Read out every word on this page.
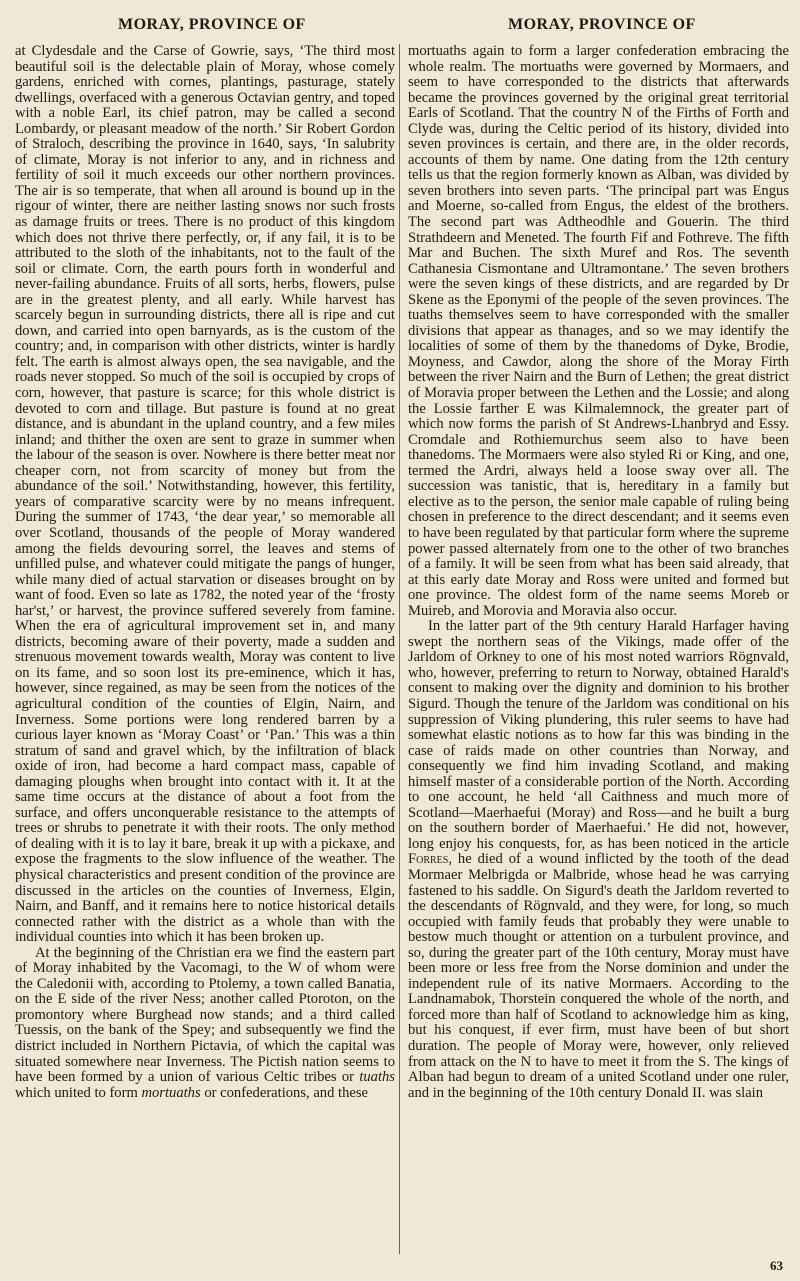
MORAY, PROVINCE OF	MORAY, PROVINCE OF

at Clydesdale and the Carse of Gowrie, says, ‘The third most beautiful soil is the delectable plain of Moray, whose comely gardens, enriched with cornes, plantings, pasturage, stately dwellings, overfaced with a generous Octavian gentry, and toped with a noble Earl, its chief patron, may be called a second Lombardy, or pleasant meadow of the north.’ Sir Robert Gordon of Straloch, describing the province in 1640, says, ‘In salubrity of climate, Moray is not inferior to any, and in richness and fertility of soil it much exceeds our other northern provinces. The air is so temperate, that when all around is bound up in the rigour of winter, there are neither lasting snows nor such frosts as damage fruits or trees. There is no product of this kingdom which does not thrive there perfectly, or, if any fail, it is to be attributed to the sloth of the inhabitants, not to the fault of the soil or climate. Corn, the earth pours forth in wonderful and never-failing abundance. Fruits of all sorts, herbs, flowers, pulse are in the greatest plenty, and all early. While harvest has scarcely begun in surrounding districts, there all is ripe and cut down, and carried into open barnyards, as is the custom of the country; and, in comparison with other districts, winter is hardly felt. The earth is almost always open, the sea navigable, and the roads never stopped. So much of the soil is occupied by crops of corn, however, that pasture is scarce; for this whole district is devoted to corn and tillage. But pasture is found at no great distance, and is abundant in the upland country, and a few miles inland; and thither the oxen are sent to graze in summer when the labour of the season is over. Nowhere is there better meat nor cheaper corn, not from scarcity of money but from the abundance of the soil.’ Notwithstanding, however, this fertility, years of comparative scarcity were by no means infrequent. During the summer of 1743, ‘the dear year,’ so memorable all over Scotland, thousands of the people of Moray wandered among the fields devouring sorrel, the leaves and stems of unfilled pulse, and whatever could mitigate the pangs of hunger, while many died of actual starvation or diseases brought on by want of food. Even so late as 1782, the noted year of the ‘frosty har'st,’ or harvest, the province suffered severely from famine. When the era of agricultural improvement set in, and many districts, becoming aware of their poverty, made a sudden and strenuous movement towards wealth, Moray was content to live on its fame, and so soon lost its pre-eminence, which it has, however, since regained, as may be seen from the notices of the agricultural condition of the counties of Elgin, Nairn, and Inverness. Some portions were long rendered barren by a curious layer known as ‘Moray Coast’ or ‘Pan.’ This was a thin stratum of sand and gravel which, by the infiltration of black oxide of iron, had become a hard compact mass, capable of damaging ploughs when brought into contact with it. It at the same time occurs at the distance of about a foot from the surface, and offers unconquerable resistance to the attempts of trees or shrubs to penetrate it with their roots. The only method of dealing with it is to lay it bare, break it up with a pickaxe, and expose the fragments to the slow influence of the weather. The physical characteristics and present condition of the province are discussed in the articles on the counties of Inverness, Elgin, Nairn, and Banff, and it remains here to notice historical details connected rather with the district as a whole than with the individual counties into which it has been broken up.

At the beginning of the Christian era we find the eastern part of Moray inhabited by the Vacomagi, to the W of whom were the Caledonii with, according to Ptolemy, a town called Banatia, on the E side of the river Ness; another called Ptoroton, on the promontory where Burghead now stands; and a third called Tuessis, on the bank of the Spey; and subsequently we find the district included in Northern Pictavia, of which the capital was situated somewhere near Inverness. The Pictish nation seems to have been formed by a union of various Celtic tribes or tuaths which united to form mortuaths or confederations, and these

mortuaths again to form a larger confederation embracing the whole realm. The mortuaths were governed by Mormaers, and seem to have corresponded to the districts that afterwards became the provinces governed by the original great territorial Earls of Scotland. That the country N of the Firths of Forth and Clyde was, during the Celtic period of its history, divided into seven provinces is certain, and there are, in the older records, accounts of them by name. One dating from the 12th century tells us that the region formerly known as Alban, was divided by seven brothers into seven parts. ‘The principal part was Engus and Moerne, so-called from Engus, the eldest of the brothers. The second part was Adtheodhle and Gouerin. The third Strathdeern and Meneted. The fourth Fif and Fothreve. The fifth Mar and Buchen. The sixth Muref and Ros. The seventh Cathanesia Cismontane and Ultramontane.’ The seven brothers were the seven kings of these districts, and are regarded by Dr Skene as the Eponymi of the people of the seven provinces. The tuaths themselves seem to have corresponded with the smaller divisions that appear as thanages, and so we may identify the localities of some of them by the thanedoms of Dyke, Brodie, Moyness, and Cawdor, along the shore of the Moray Firth between the river Nairn and the Burn of Lethen; the great district of Moravia proper between the Lethen and the Lossie; and along the Lossie farther E was Kilmalemnock, the greater part of which now forms the parish of St Andrews-Lhanbryd and Essy. Cromdale and Rothiemurchus seem also to have been thanedoms. The Mormaers were also styled Ri or King, and one, termed the Ardri, always held a loose sway over all. The succession was tanistic, that is, hereditary in a family but elective as to the person, the senior male capable of ruling being chosen in preference to the direct descendant; and it seems even to have been regulated by that particular form where the supreme power passed alternately from one to the other of two branches of a family. It will be seen from what has been said already, that at this early date Moray and Ross were united and formed but one province. The oldest form of the name seems Moreb or Muireb, and Morovia and Moravia also occur.

In the latter part of the 9th century Harald Harfager having swept the northern seas of the Vikings, made offer of the Jarldom of Orkney to one of his most noted warriors Rögnvald, who, however, preferring to return to Norway, obtained Harald's consent to making over the dignity and dominion to his brother Sigurd. Though the tenure of the Jarldom was conditional on his suppression of Viking plundering, this ruler seems to have had somewhat elastic notions as to how far this was binding in the case of raids made on other countries than Norway, and consequently we find him invading Scotland, and making himself master of a considerable portion of the North. According to one account, he held ‘all Caithness and much more of Scotland—Maerhaefui (Moray) and Ross—and he built a burg on the southern border of Maerhaefui.’ He did not, however, long enjoy his conquests, for, as has been noticed in the article Forres, he died of a wound inflicted by the tooth of the dead Mormaer Melbrigda or Malbride, whose head he was carrying fastened to his saddle. On Sigurd's death the Jarldom reverted to the descendants of Rögnvald, and they were, for long, so much occupied with family feuds that probably they were unable to bestow much thought or attention on a turbulent province, and so, during the greater part of the 10th century, Moray must have been more or less free from the Norse dominion and under the independent rule of its native Mormaers. According to the Landnamabok, Thorstein conquered the whole of the north, and forced more than half of Scotland to acknowledge him as king, but his conquest, if ever firm, must have been of but short duration. The people of Moray were, however, only relieved from attack on the N to have to meet it from the S. The kings of Alban had begun to dream of a united Scotland under one ruler, and in the beginning of the 10th century Donald II. was slain

63
